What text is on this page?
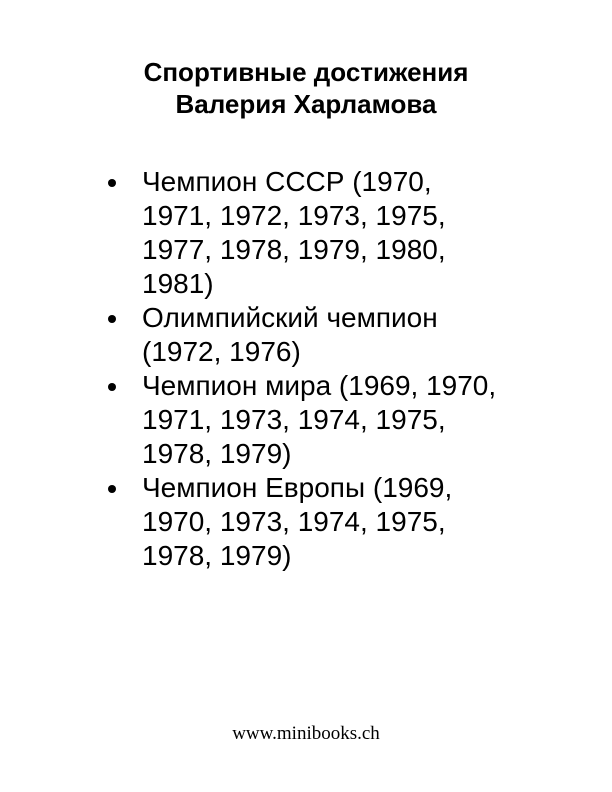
Спортивные достижения
Валерия Харламова
Чемпион СССР (1970,
1971, 1972, 1973, 1975,
1977, 1978, 1979, 1980,
1981)
Олимпийский чемпион
(1972, 1976)
Чемпион мира (1969, 1970,
1971, 1973, 1974, 1975,
1978, 1979)
Чемпион Европы (1969,
1970, 1973, 1974, 1975,
1978, 1979)
www.minibooks.ch
